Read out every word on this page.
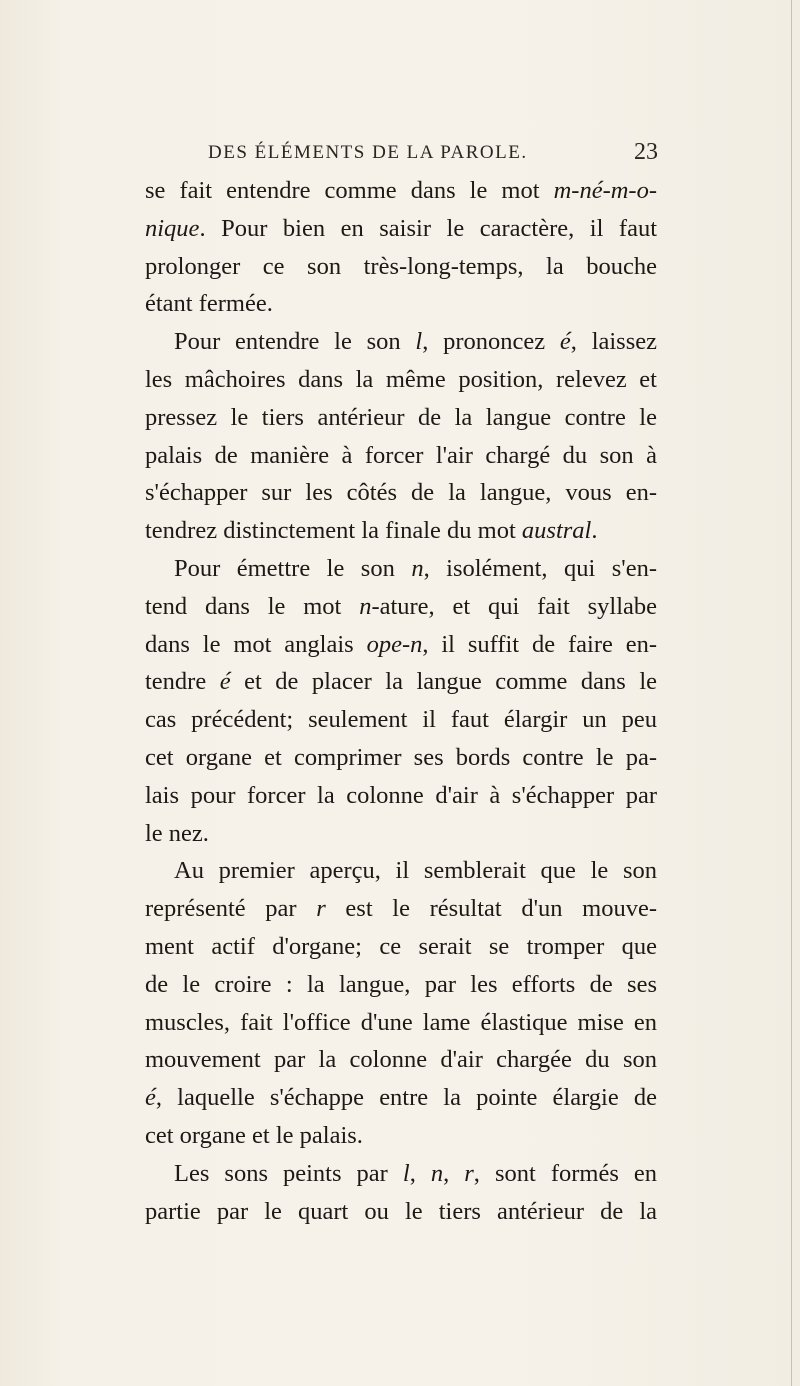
DES ÉLÉMENTS DE LA PAROLE.	23
se fait entendre comme dans le mot m-né-m-o-
nique. Pour bien en saisir le caractère, il faut
prolonger ce son très-long-temps, la bouche
étant fermée.
Pour entendre le son l, prononcez é, laissez
les mâchoires dans la même position, relevez et
pressez le tiers antérieur de la langue contre le
palais de manière à forcer l'air chargé du son à
s'échapper sur les côtés de la langue, vous en-
tendrez distinctement la finale du mot austral.
Pour émettre le son n, isolément, qui s'en-
tend dans le mot n-ature, et qui fait syllabe
dans le mot anglais ope-n, il suffit de faire en-
tendre é et de placer la langue comme dans le
cas précédent; seulement il faut élargir un peu
cet organe et comprimer ses bords contre le pa-
lais pour forcer la colonne d'air à s'échapper par
le nez.
Au premier aperçu, il semblerait que le son
représenté par r est le résultat d'un mouve-
ment actif d'organe; ce serait se tromper que
de le croire : la langue, par les efforts de ses
muscles, fait l'office d'une lame élastique mise en
mouvement par la colonne d'air chargée du son
é, laquelle s'échappe entre la pointe élargie de
cet organe et le palais.
Les sons peints par l, n, r, sont formés en
partie par le quart ou le tiers antérieur de la
